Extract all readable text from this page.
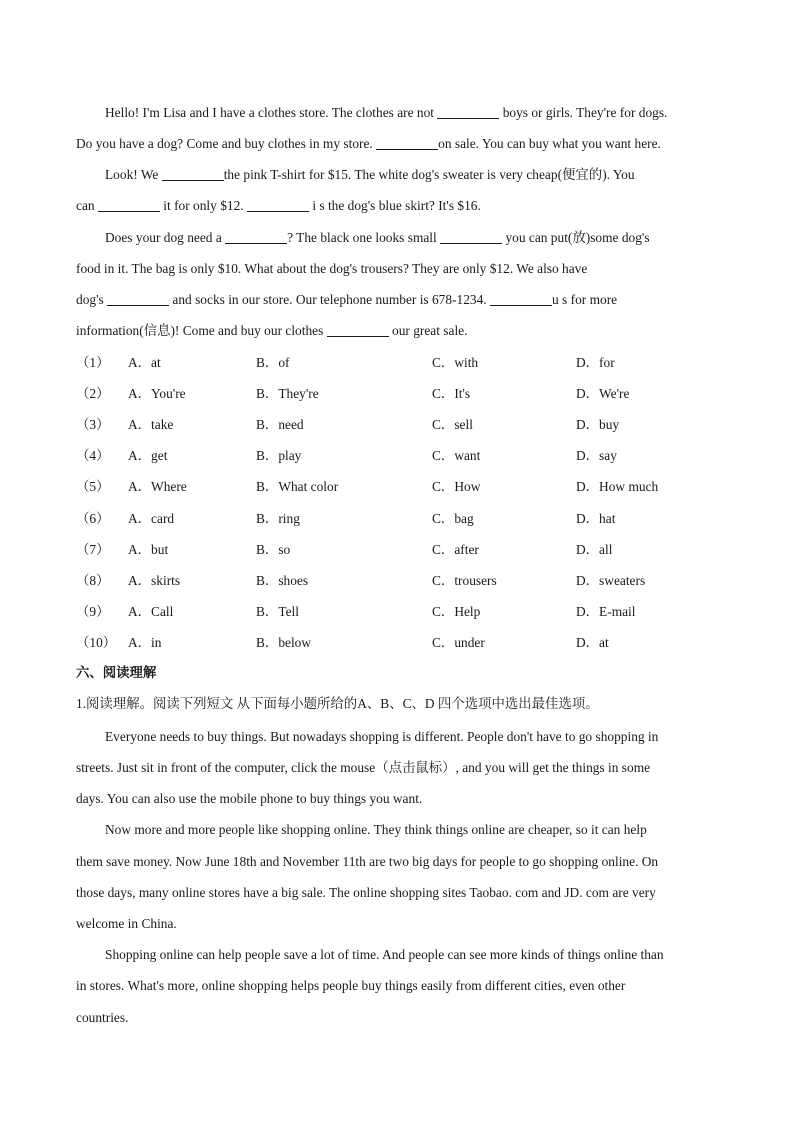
Hello! I'm Lisa and I have a clothes store. The clothes are not	boys or girls. They're for dogs.
Do you have a dog? Come and buy clothes in my store.	on sale. You can buy what you want here.
Look! We	the pink T-shirt for $15. The white dog's sweater is very cheap(便宜的). You
can	it for only $12.	i s the dog's blue skirt? It's $16.
Does your dog need a	? The black one looks small	you can put(放)some dog's
food in it. The bag is only $10. What about the dog's trousers? They are only $12. We also have
dog's	and socks in our store. Our telephone number is 678-1234.	u s for more
information(信息)! Come and buy our clothes	our great sale.
（1） A．at	B．of	C．with	D．for
（2） A．You're	B．They're	C．It's	D．We're
（3） A．take	B．need	C．sell	D．buy
（4） A．get	B．play	C．want	D．say
（5） A．Where	B．What color	C．How	D．How much
（6） A．card	B．ring	C．bag	D．hat
（7） A．but	B．so	C．after	D．all
（8） A．skirts	B．shoes	C．trousers	D．sweaters
（9） A．Call	B．Tell	C．Help	D．E-mail
（10） A．in	B．below	C．under	D．at
六、阅读理解
1.阅读理解。阅读下列短文 从下面每小题所给的A、B、C、D 四个选项中选出最佳选项。
Everyone needs to buy things. But nowadays shopping is different. People don't have to go shopping in
streets. Just sit in front of the computer, click the mouse（点击鼠标）, and you will get the things in some
days. You can also use the mobile phone to buy things you want.
Now more and more people like shopping online. They think things online are cheaper, so it can help
them save money. Now June 18th and November 11th are two big days for people to go shopping online. On
those days, many online stores have a big sale. The online shopping sites Taobao. com and JD. com are very
welcome in China.
Shopping online can help people save a lot of time. And people can see more kinds of things online than
in stores. What's more, online shopping helps people buy things easily from different cities, even other
countries.
